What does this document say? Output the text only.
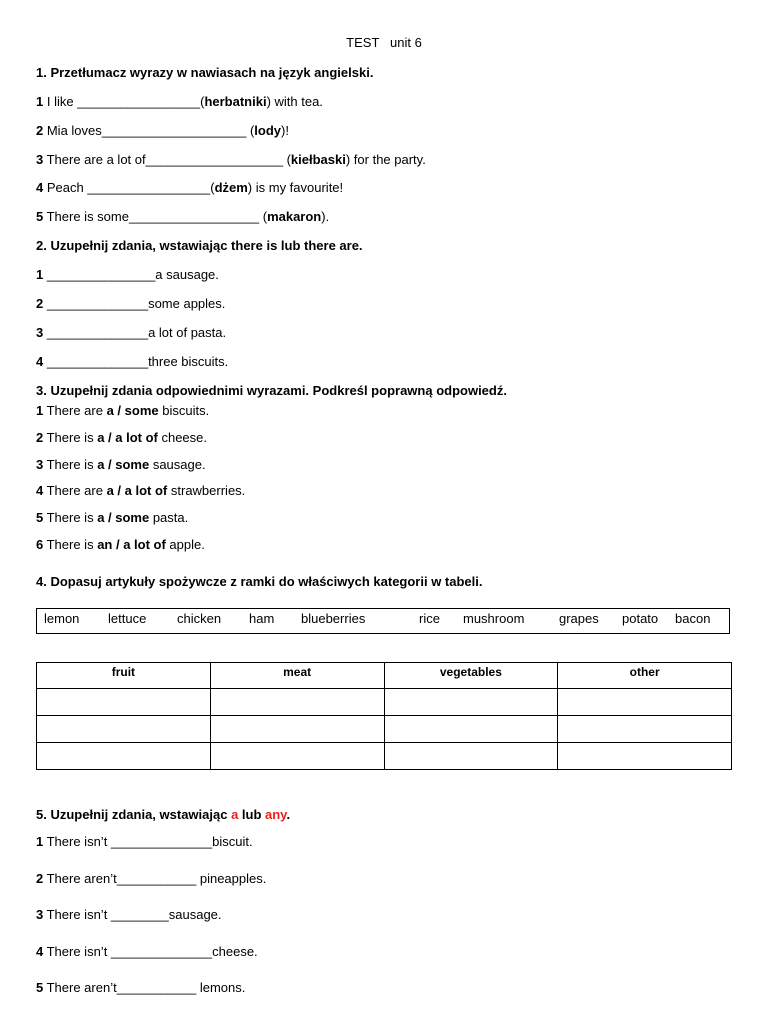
TEST   unit 6
1. Przetłumacz wyrazy w nawiasach na język angielski.
1 I like _________________(herbatniki) with tea.
2 Mia loves____________________ (lody)!
3 There are a lot of___________________ (kiełbaski) for the party.
4 Peach _________________(dżem) is my favourite!
5 There is some__________________ (makaron).
2. Uzupełnij zdania, wstawiając there is lub there are.
1 _______________a sausage.
2 ______________some apples.
3 ______________a lot of pasta.
4 ______________three biscuits.
3. Uzupełnij zdania odpowiednimi wyrazami. Podkreśl poprawną odpowiedź.
1 There are a / some biscuits.
2 There is a / a lot of cheese.
3 There is a / some sausage.
4 There are a / a lot of strawberries.
5 There is a / some pasta.
6 There is an / a lot of apple.
4. Dopasuj artykuły spożywcze z ramki do właściwych kategorii w tabeli.
lemon lettuce chicken ham blueberries	rice mushroom	grapes potato bacon
fruit	meat	vegetables	other

5. Uzupełnij zdania, wstawiając a lub any.
1 There isn’t ______________biscuit.
2 There aren’t___________ pineapples.
3 There isn’t ________sausage.
4 There isn’t ______________cheese.
5 There aren’t___________ lemons.
